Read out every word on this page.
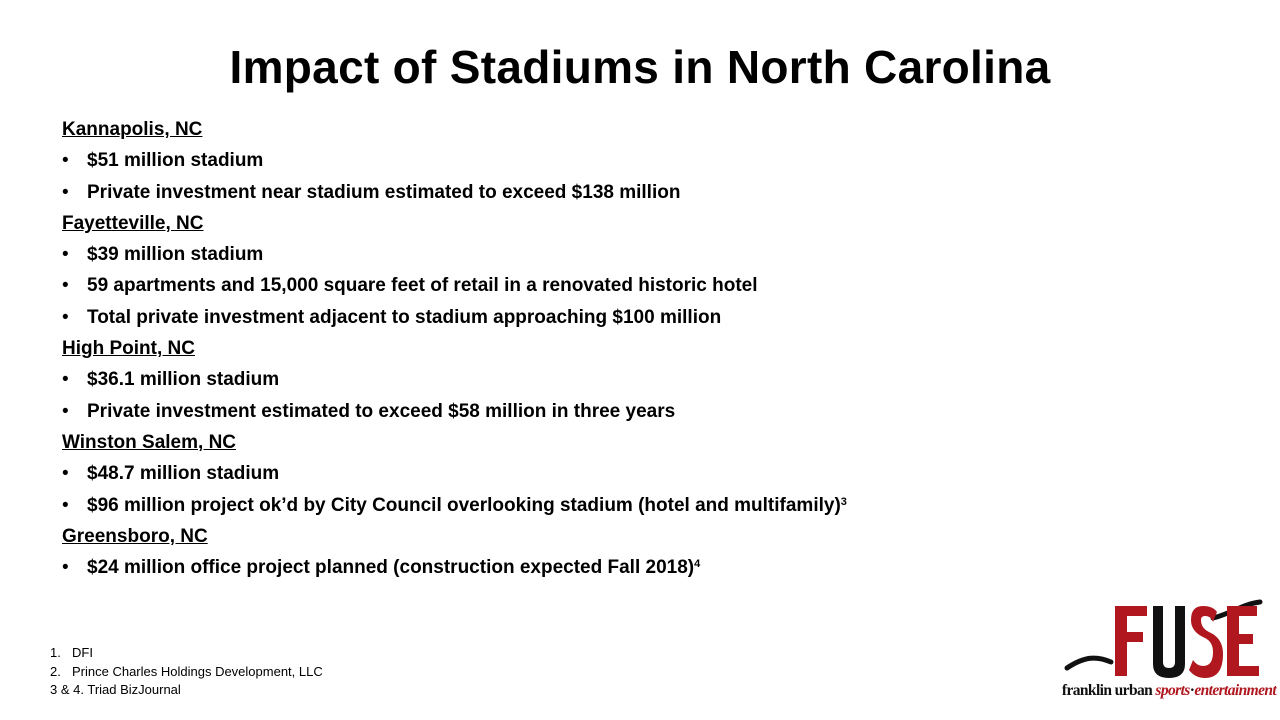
Impact of Stadiums in North Carolina
Kannapolis, NC
• $51 million stadium
• Private investment near stadium estimated to exceed $138 million
Fayetteville, NC
• $39 million stadium
• 59 apartments and 15,000 square feet of retail in a renovated historic hotel
• Total private investment adjacent to stadium approaching $100 million
High Point, NC
• $36.1 million stadium
• Private investment estimated to exceed $58 million in three years
Winston Salem, NC
• $48.7 million stadium
• $96 million project ok’d by City Council overlooking stadium (hotel and multifamily)$^3$
Greensboro, NC
• $24 million office project planned (construction expected Fall 2018)$^4$
1. DFI
2. Prince Charles Holdings Development, LLC
3 & 4. Triad BizJournal	franklin urban sports·entertainment
